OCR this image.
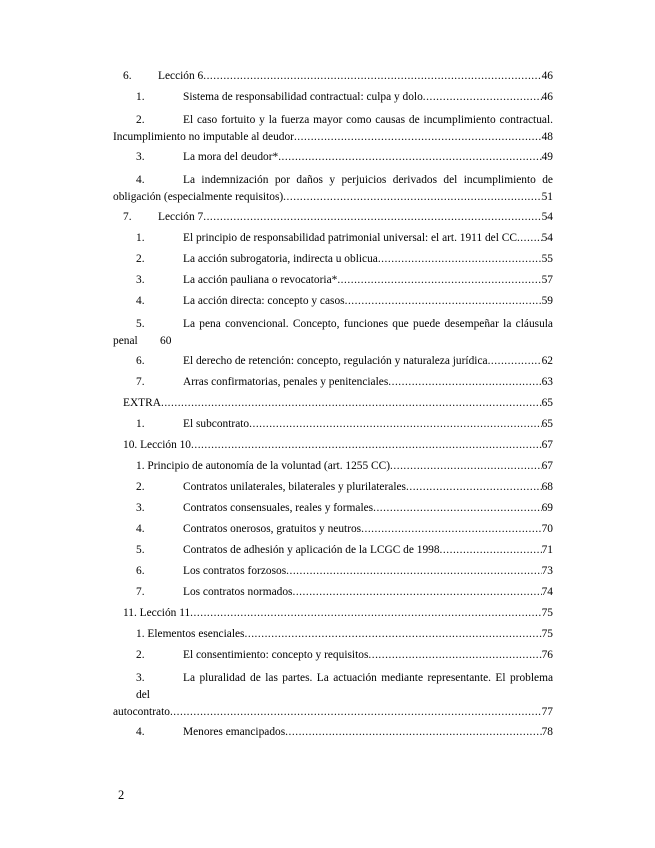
6.	Lección 6 .....	46
1.	Sistema de responsabilidad contractual: culpa y dolo .....	46
2.	El caso fortuito y la fuerza mayor como causas de incumplimiento contractual.
Incumplimiento no imputable al deudor .....	48
3.	La mora del deudor* .....	49
4.	La indemnización por daños y perjuicios derivados del incumplimiento de
obligación (especialmente requisitos) .....	51
7.	Lección 7 .....	54
1.	El principio de responsabilidad patrimonial universal: el art. 1911 del CC ..... 54
2.	La acción subrogatoria, indirecta u oblicua .....	55
3.	La acción pauliana o revocatoria* .....	57
4.	La acción directa: concepto y casos .....	59
5.	La pena convencional. Concepto, funciones que puede desempeñar la cláusula
penal	60
6.	El derecho de retención: concepto, regulación y naturaleza jurídica .....	62
7.	Arras confirmatorias, penales y penitenciales .....	63
EXTRA .....	65
1.	El subcontrato .....	65
10. Lección 10 .....	67
1. Principio de autonomía de la voluntad (art. 1255 CC) .....	67
2.	Contratos unilaterales, bilaterales y plurilaterales .....	68
3.	Contratos consensuales, reales y formales .....	69
4.	Contratos onerosos, gratuitos y neutros .....	70
5.	Contratos de adhesión y aplicación de la LCGC de 1998 .....	71
6.	Los contratos forzosos .....	73
7.	Los contratos normados .....	74
11. Lección 11 .....	75
1. Elementos esenciales .....	75
2.	El consentimiento: concepto y requisitos .....	76
3.	La pluralidad de las partes. La actuación mediante representante. El problema del
autocontrato .....	77
4.	Menores emancipados .....	78
2
